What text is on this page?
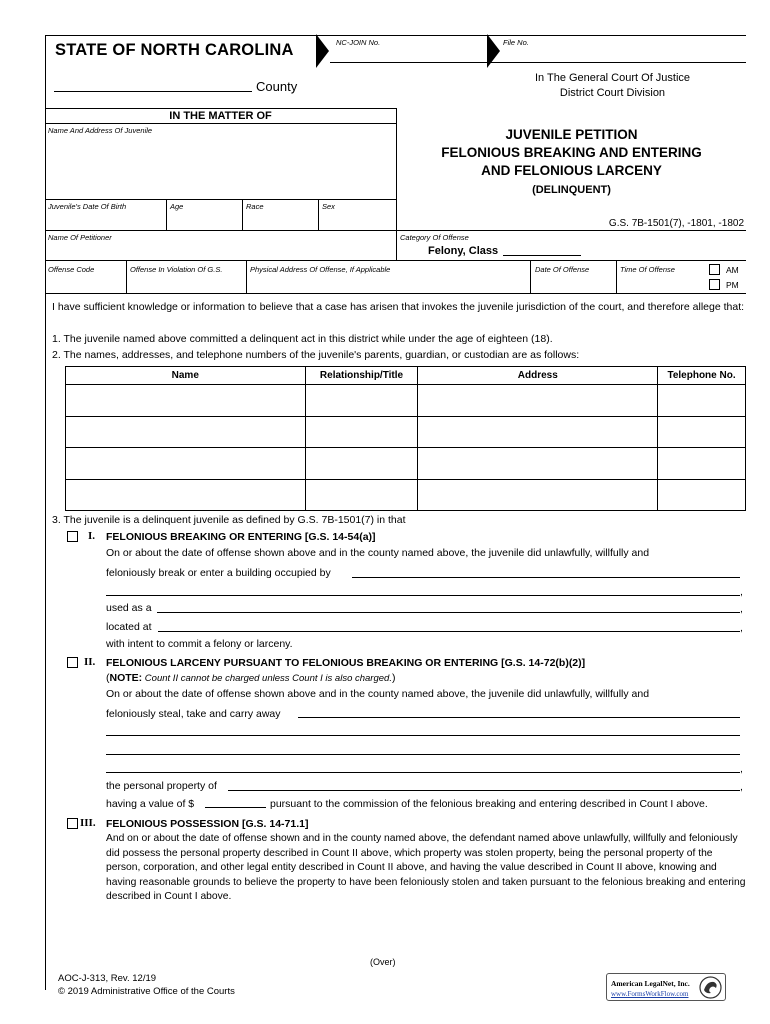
STATE OF NORTH CAROLINA	NC-JOIN No.	File No.
County
In The General Court Of Justice
District Court Division
IN THE MATTER OF
Name And Address Of Juvenile
Juvenile's Date Of Birth	Age	Race	Sex
JUVENILE PETITION
FELONIOUS BREAKING AND ENTERING
AND FELONIOUS LARCENY
(DELINQUENT)
G.S. 7B-1501(7), -1801, -1802
Name Of Petitioner	Category Of Offense
Felony, Class
Offense Code	Offense In Violation Of G.S.	Physical Address Of Offense, If Applicable	Date Of Offense	Time Of Offense	AM
PM
I have sufficient knowledge or information to believe that a case has arisen that invokes the juvenile jurisdiction of the court, and therefore allege that:
1. The juvenile named above committed a delinquent act in this district while under the age of eighteen (18).
2. The names, addresses, and telephone numbers of the juvenile's parents, guardian, or custodian are as follows:
Name	Relationship/Title	Address	Telephone No.

3. The juvenile is a delinquent juvenile as defined by G.S. 7B-1501(7) in that
I. FELONIOUS BREAKING OR ENTERING [G.S. 14-54(a)]
On or about the date of offense shown above and in the county named above, the juvenile did unlawfully, willfully and
feloniously break or enter a building occupied by
,
used as a	,
located at	,
with intent to commit a felony or larceny.
II. FELONIOUS LARCENY PURSUANT TO FELONIOUS BREAKING OR ENTERING [G.S. 14-72(b)(2)]
(NOTE: Count II cannot be charged unless Count I is also charged.)
On or about the date of offense shown above and in the county named above, the juvenile did unlawfully, willfully and
feloniously steal, take and carry away
,
the personal property of	,
having a value of $	pursuant to the commission of the felonious breaking and entering described in Count I above.
III. FELONIOUS POSSESSION [G.S. 14-71.1]
And on or about the date of offense shown and in the county named above, the defendant named above unlawfully, willfully and feloniously did possess the personal property described in Count II above, which property was stolen property, being the personal property of the person, corporation, and other legal entity described in Count II above, and having the value described in Count II above, knowing and having reasonable grounds to believe the property to have been feloniously stolen and taken pursuant to the felonious breaking and entering described in Count I above.
(Over)
AOC-J-313, Rev. 12/19
© 2019 Administrative Office of the Courts
American LegalNet, Inc.
www.FormsWorkFlow.com
